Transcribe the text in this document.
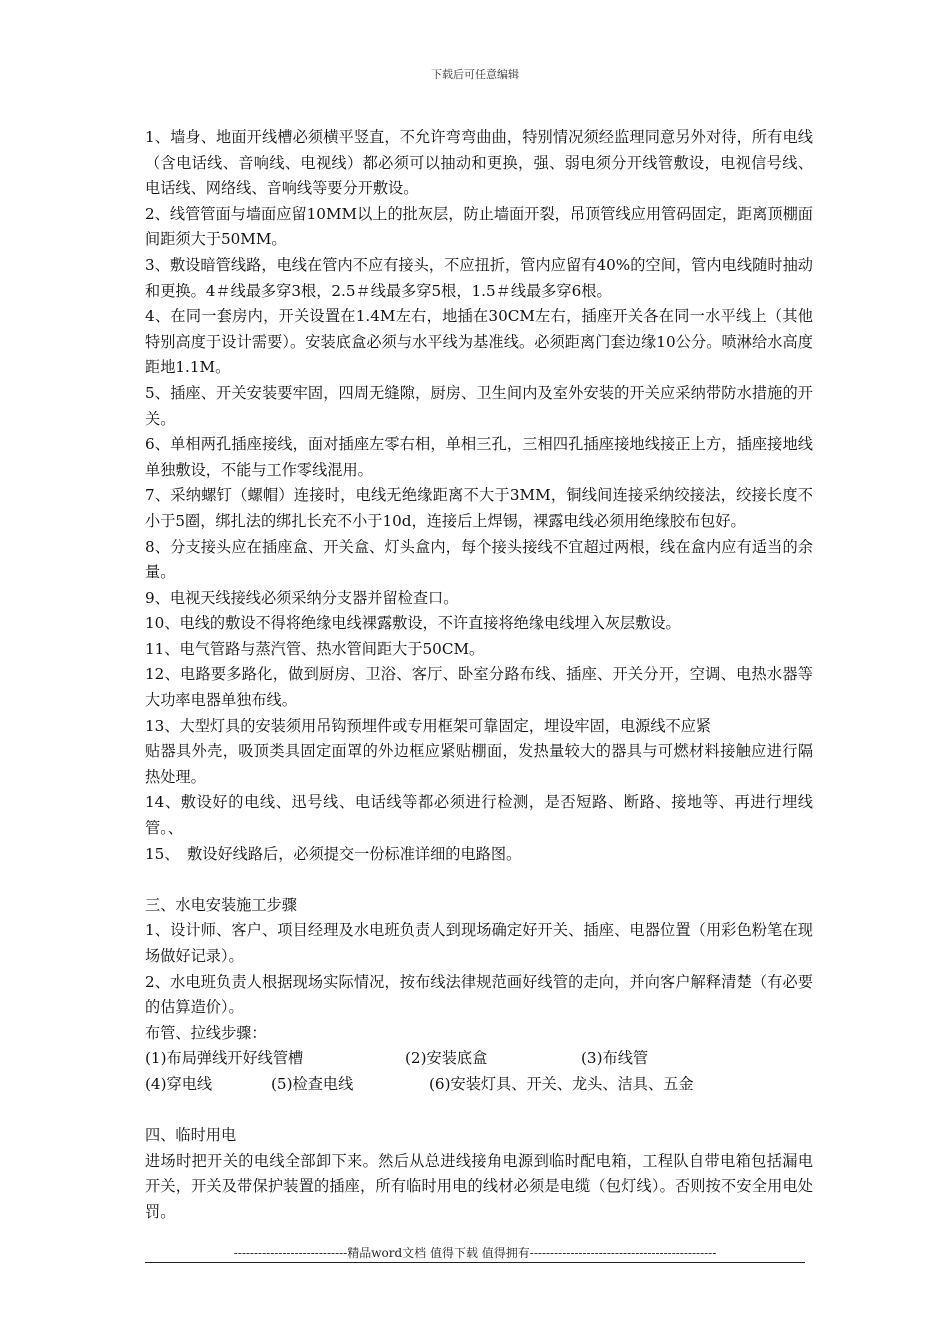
下载后可任意编辑

1、墙身、地面开线槽必须横平竖直，不允许弯弯曲曲，特别情况须经监理同意另外对待，所有电线（含电话线、音响线、电视线）都必须可以抽动和更换，强、弱电须分开线管敷设，电视信号线、电话线、网络线、音响线等要分开敷设。

2、线管管面与墙面应留10MM以上的批灰层，防止墙面开裂，吊顶管线应用管码固定，距离顶棚面间距须大于50MM。

3、敷设暗管线路，电线在管内不应有接头，不应扭折，管内应留有40%的空间，管内电线随时抽动和更换。4＃线最多穿3根，2.5＃线最多穿5根，1.5＃线最多穿6根。

4、在同一套房内，开关设置在1.4M左右，地插在30CM左右，插座开关各在同一水平线上（其他特别高度于设计需要）。安装底盒必须与水平线为基准线。必须距离门套边缘10公分。喷淋给水高度距地1.1M。

5、插座、开关安装要牢固，四周无缝隙，厨房、卫生间内及室外安装的开关应采纳带防水措施的开关。

6、单相两孔插座接线，面对插座左零右相，单相三孔，三相四孔插座接地线接正上方，插座接地线单独敷设，不能与工作零线混用。

7、采纳螺钉（螺帽）连接时，电线无绝缘距离不大于3MM，铜线间连接采纳绞接法，绞接长度不小于5圈，绑扎法的绑扎长充不小于10d，连接后上焊锡，裸露电线必须用绝缘胶布包好。

8、分支接头应在插座盒、开关盒、灯头盒内，每个接头接线不宜超过两根，线在盒内应有适当的余量。

9、电视天线接线必须采纳分支器并留检查口。

10、电线的敷设不得将绝缘电线裸露敷设，不许直接将绝缘电线埋入灰层敷设。

11、电气管路与蒸汽管、热水管间距大于50CM。

12、电路要多路化，做到厨房、卫浴、客厅、卧室分路布线、插座、开关分开，空调、电热水器等大功率电器单独布线。

13、大型灯具的安装须用吊钩预埋件或专用框架可靠固定，埋设牢固，电源线不应紧

贴器具外壳，吸顶类具固定面罩的外边框应紧贴棚面，发热量较大的器具与可燃材料接触应进行隔热处理。

14、敷设好的电线、迅号线、电话线等都必须进行检测，是否短路、断路、接地等、再进行埋线管。、

15、　敷设好线路后，必须提交一份标准详细的电路图。

三、水电安装施工步骤

1、设计师、客户、项目经理及水电班负责人到现场确定好开关、插座、电器位置（用彩色粉笔在现场做好记录）。

2、水电班负责人根据现场实际情况，按布线法律规范画好线管的走向，并向客户解释清楚（有必要的估算造价）。

布管、拉线步骤：

(1)布局弹线开好线管槽	(2)安装底盒	(3)布线管
(4)穿电线	(5)检查电线	(6)安装灯具、开关、龙头、洁具、五金

四、临时用电

进场时把开关的电线全部卸下来。然后从总进线接角电源到临时配电箱，工程队自带电箱包括漏电开关，开关及带保护装置的插座，所有临时用电的线材必须是电缆（包灯线）。否则按不安全用电处罚。

----------------------------精品word文档 值得下载 值得拥有----------------------------------------------
